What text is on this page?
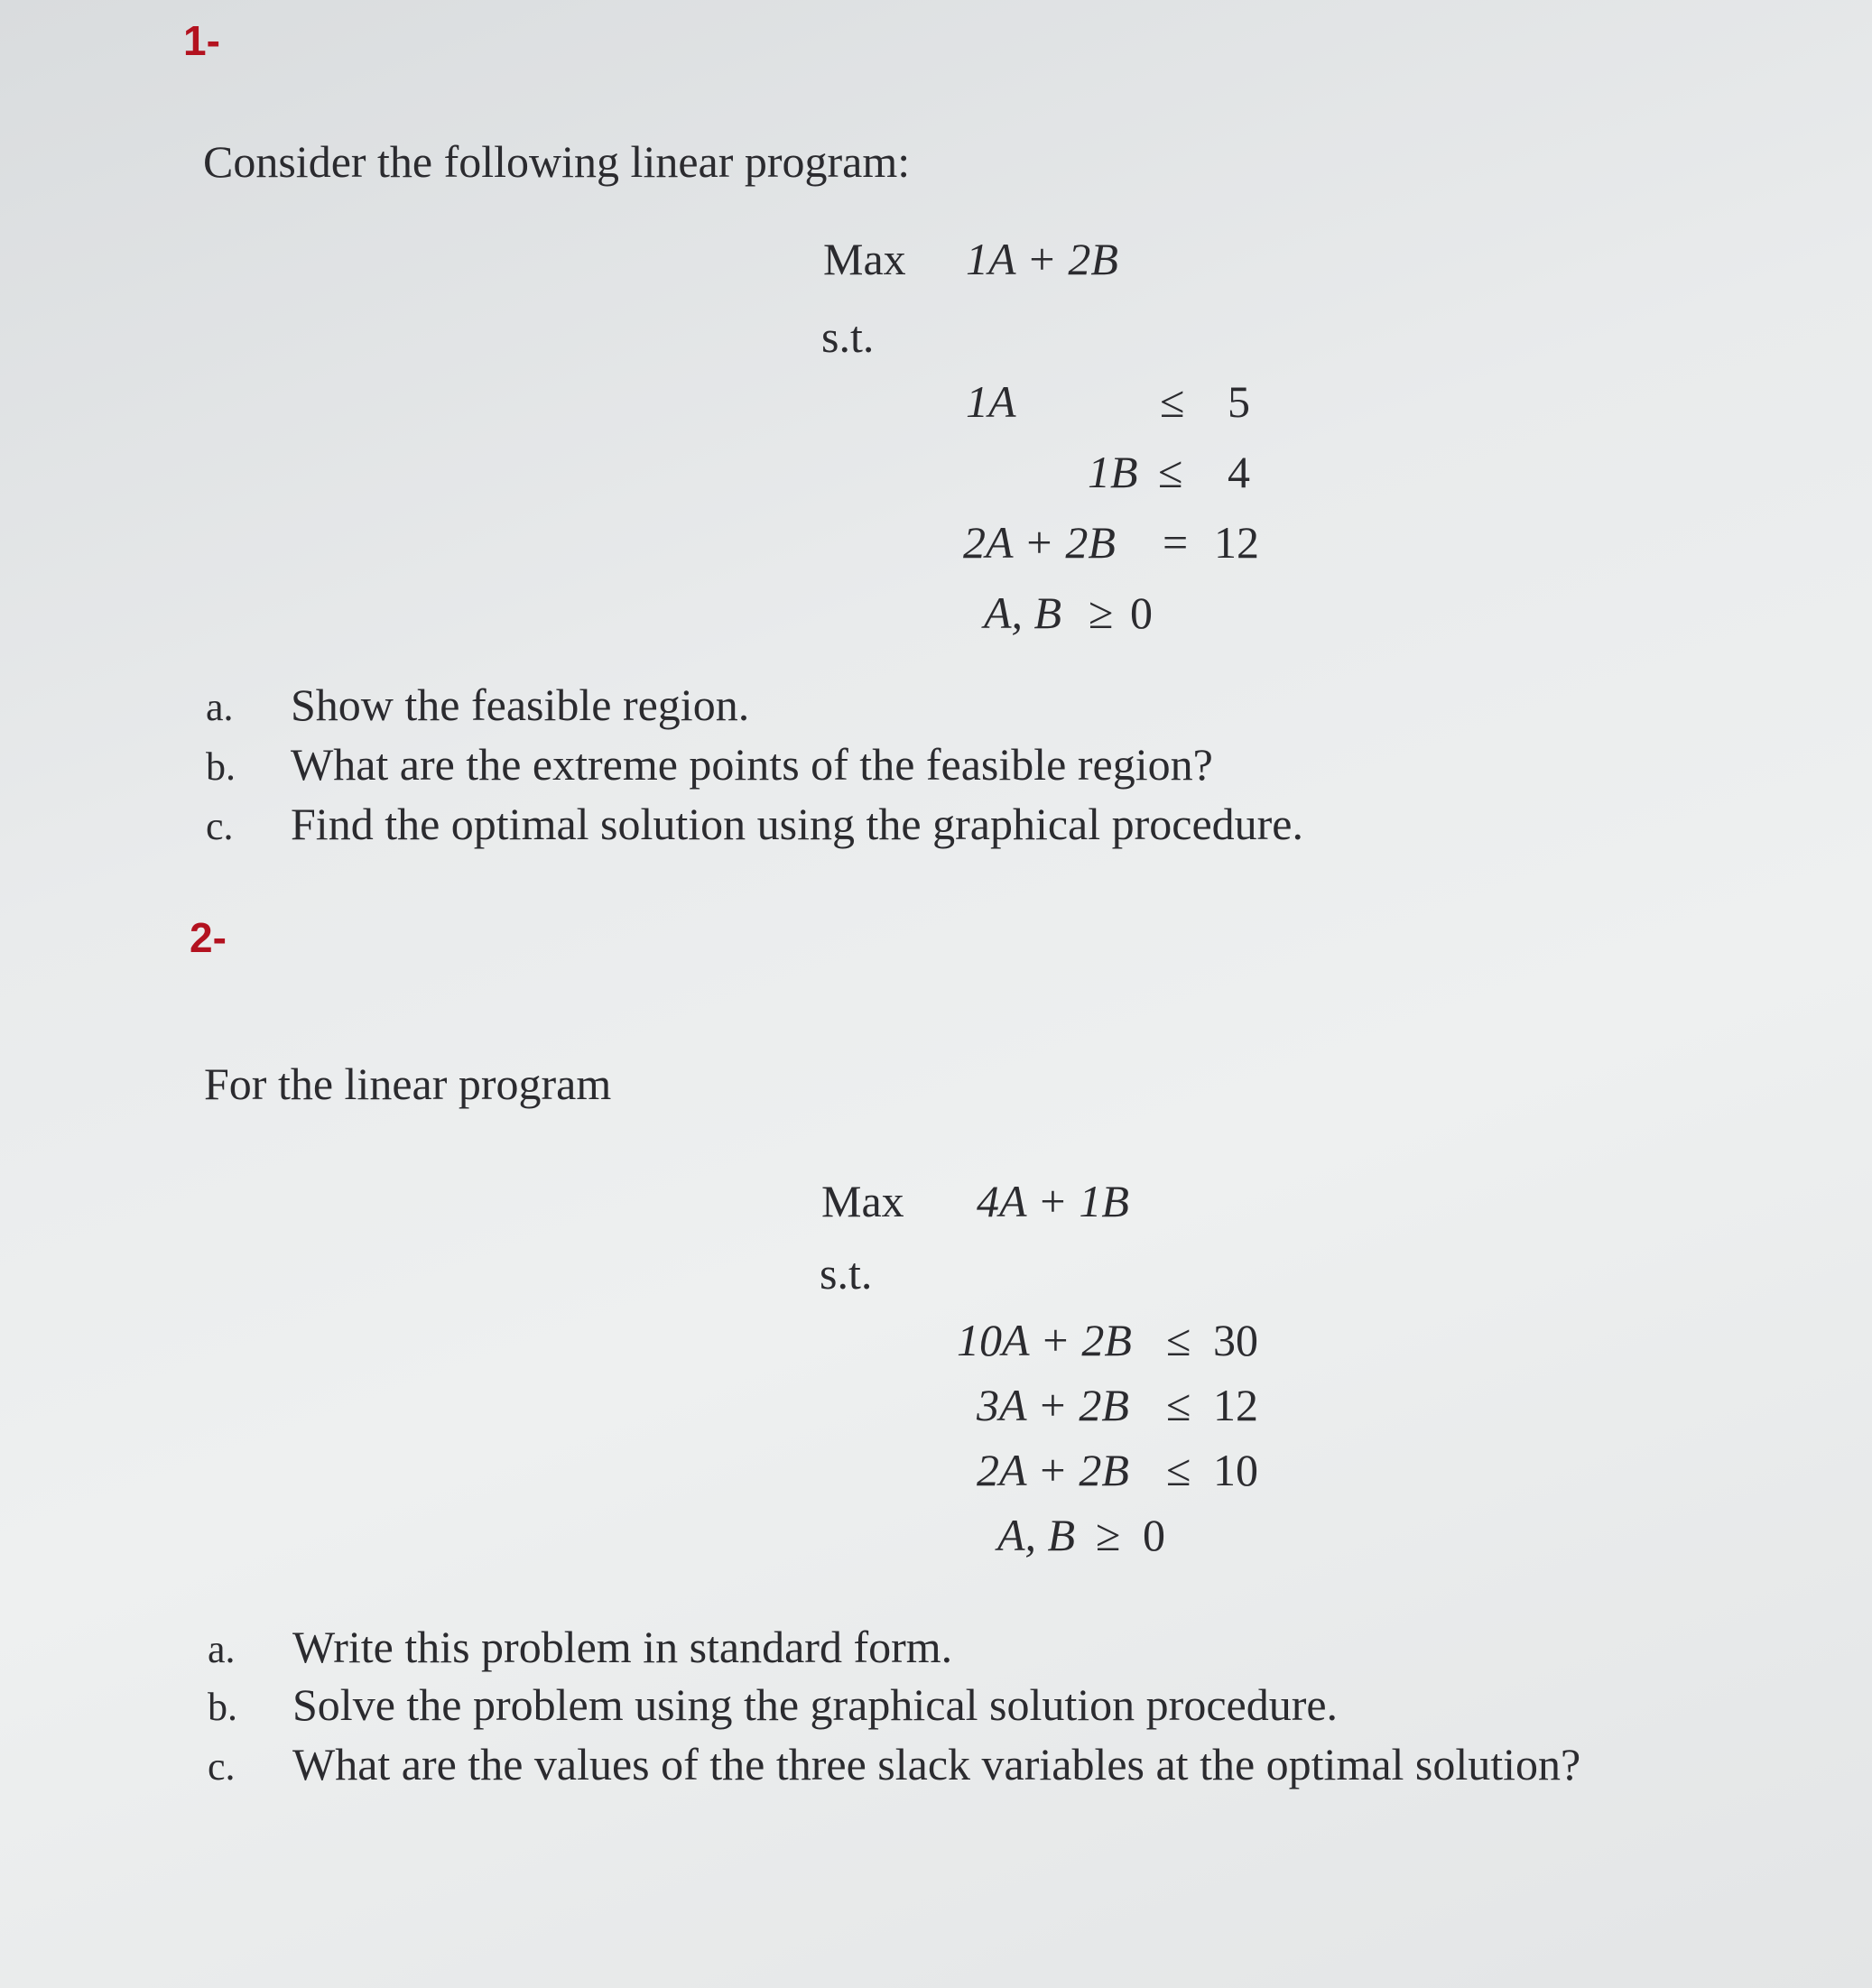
1-
Consider the following linear program:
Max 1A + 2B
s.t.
1A	≤ 5
1B ≤ 4
2A + 2B = 12
A, B ≥ 0
a. Show the feasible region.
b. What are the extreme points of the feasible region?
c. Find the optimal solution using the graphical procedure.
2-
For the linear program
Max 4A + 1B
s.t.
10A + 2B ≤ 30
3A + 2B ≤ 12
2A + 2B ≤ 10
A, B ≥ 0
a. Write this problem in standard form.
b. Solve the problem using the graphical solution procedure.
c. What are the values of the three slack variables at the optimal solution?
